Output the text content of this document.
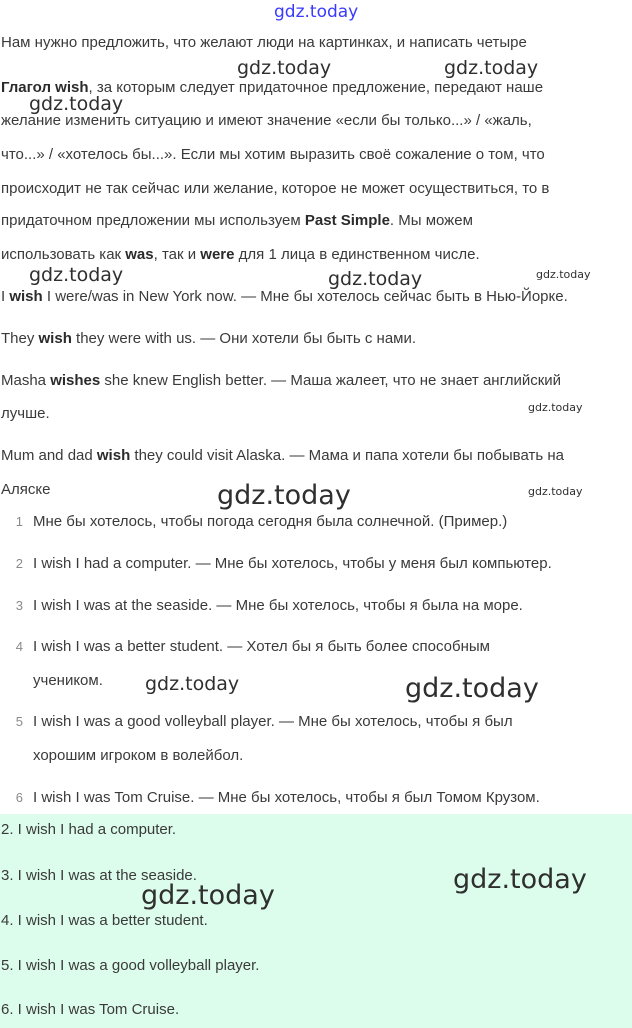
gdz.today
Нам нужно предложить, что желают люди на картинках, и написать четыре
Глагол wish, за которым следует придаточное предложение, передают наше
желание изменить ситуацию и имеют значение «если бы только...» / «жаль,
что...» / «хотелось бы...». Если мы хотим выразить своё сожаление о том, что
происходит не так сейчас или желание, которое не может осуществиться, то в
придаточном предложении мы используем Past Simple. Мы можем
использовать как was, так и were для 1 лица в единственном числе.
I wish I were/was in New York now. — Мне бы хотелось сейчас быть в Нью-Йорке.
They wish they were with us. — Они хотели бы быть с нами.
Masha wishes she knew English better. — Маша жалеет, что не знает английский
лучше.
Mum and dad wish they could visit Alaska. — Мама и папа хотели бы побывать на
Аляске
1 Мне бы хотелось, чтобы погода сегодня была солнечной. (Пример.)
2 I wish I had a computer. — Мне бы хотелось, чтобы у меня был компьютер.
3 I wish I was at the seaside. — Мне бы хотелось, чтобы я была на море.
4 I wish I was a better student. — Хотел бы я быть более способным
учеником.
5 I wish I was a good volleyball player. — Мне бы хотелось, чтобы я был
хорошим игроком в волейбол.
6 I wish I was Tom Cruise. — Мне бы хотелось, чтобы я был Томом Крузом.
2. I wish I had a computer.
3. I wish I was at the seaside.
4. I wish I was a better student.
5. I wish I was a good volleyball player.
6. I wish I was Tom Cruise.
gdz.today	gdz.today
gdz.today
gdz.today	gdz.today	gdz.today
gdz.today
gdz.today	gdz.today
gdz.today	gdz.today
gdz.today
gdz.today
